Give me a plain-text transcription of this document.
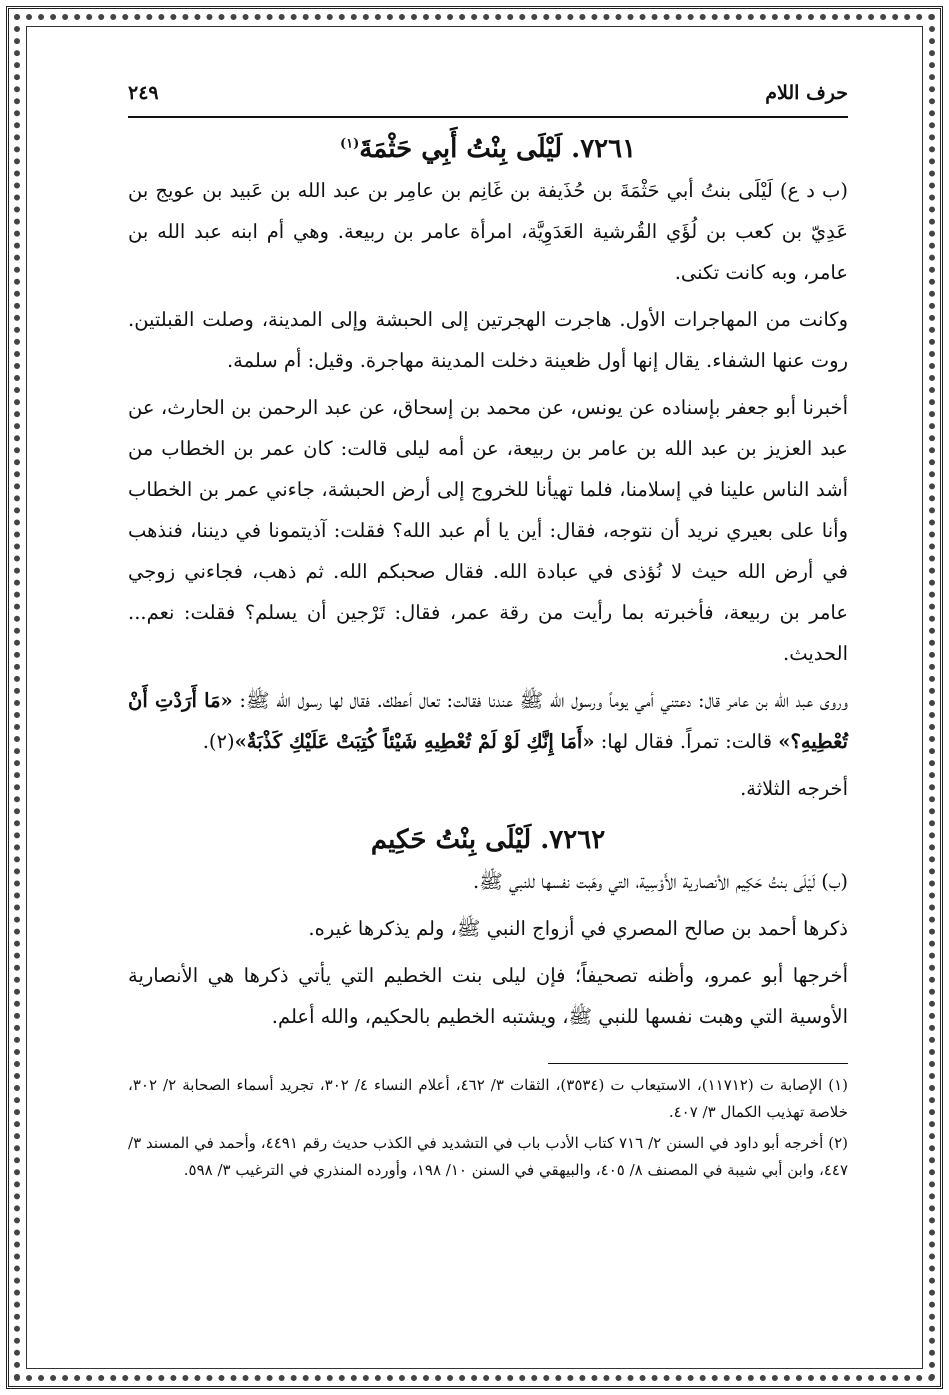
حرف اللام
٢٤٩
٧٢٦١. لَيْلَى بِنْتُ أَبِي حَثْمَةَ$^{(١)}$

(ب د ع) لَيْلَى بنتُ أبي حَثْمَةَ بن حُذَيفة بن غَانِم بن عامِر بن عبد الله بن عَبيد بن عويج بن عَدِيّ بن كعب بن لُؤَي القُرشية العَدَوِيَّة، امرأة عامر بن ربيعة. وهي أم ابنه عبد الله بن عامر، وبه كانت تكنى.

وكانت من المهاجرات الأول. هاجرت الهجرتين إلى الحبشة وإلى المدينة، وصلت القبلتين. روت عنها الشفاء. يقال إنها أول ظعينة دخلت المدينة مهاجرة. وقيل: أم سلمة.

أخبرنا أبو جعفر بإسناده عن يونس، عن محمد بن إسحاق، عن عبد الرحمن بن الحارث، عن عبد العزيز بن عبد الله بن عامر بن ربيعة، عن أمه ليلى قالت: كان عمر بن الخطاب من أشد الناس علينا في إسلامنا، فلما تهيأنا للخروج إلى أرض الحبشة، جاءني عمر بن الخطاب وأنا على بعيري نريد أن نتوجه، فقال: أين يا أم عبد الله؟ فقلت: آذيتمونا في ديننا، فنذهب في أرض الله حيث لا نُؤذى في عبادة الله. فقال صحبكم الله. ثم ذهب، فجاءني زوجي عامر بن ربيعة، فأخبرته بما رأيت من رقة عمر، فقال: تَرْجين أن يسلم؟ فقلت: نعم... الحديث.

وروى عبد الله بن عامر قال: دعتني أمي يوماً ورسول الله ﷺ عندنا فقالت: تعال أعطك. فقال لها رسول الله ﷺ: «مَا أَرَدْتِ أَنْ تُعْطِيهِ؟» قالت: تمراً. فقال لها: «أَمَا إِنَّكِ لَوْ لَمْ تُعْطِيهِ شَيْئاً كُتِبَتْ عَلَيْكِ كَذْبَةٌ»(٢).

أخرجه الثلاثة.

٧٢٦٢. لَيْلَى بِنْتُ حَكِيم

(ب) لَيْلَى بنتُ حَكِيم الأنصارية الأَوْسِية، التي وهَبت نفسها للنبي ﷺ.

ذكرها أحمد بن صالح المصري في أزواج النبي ﷺ، ولم يذكرها غيره.

أخرجها أبو عمرو، وأظنه تصحيفاً؛ فإن ليلى بنت الخطيم التي يأتي ذكرها هي الأنصارية الأوسية التي وهبت نفسها للنبي ﷺ، ويشتبه الخطيم بالحكيم، والله أعلم.

(١) الإصابة ت (١١٧١٢)، الاستيعاب ت (٣٥٣٤)، الثقات ٣/ ٤٦٢، أعلام النساء ٤/ ٣٠٢، تجريد أسماء الصحابة ٢/ ٣٠٢، خلاصة تهذيب الكمال ٣/ ٤٠٧.

(٢) أخرجه أبو داود في السنن ٢/ ٧١٦ كتاب الأدب باب في التشديد في الكذب حديث رقم ٤٤٩١، وأحمد في المسند ٣/ ٤٤٧، وابن أبي شيبة في المصنف ٨/ ٤٠٥، والبيهقي في السنن ١٠/ ١٩٨، وأورده المنذري في الترغيب ٣/ ٥٩٨.
